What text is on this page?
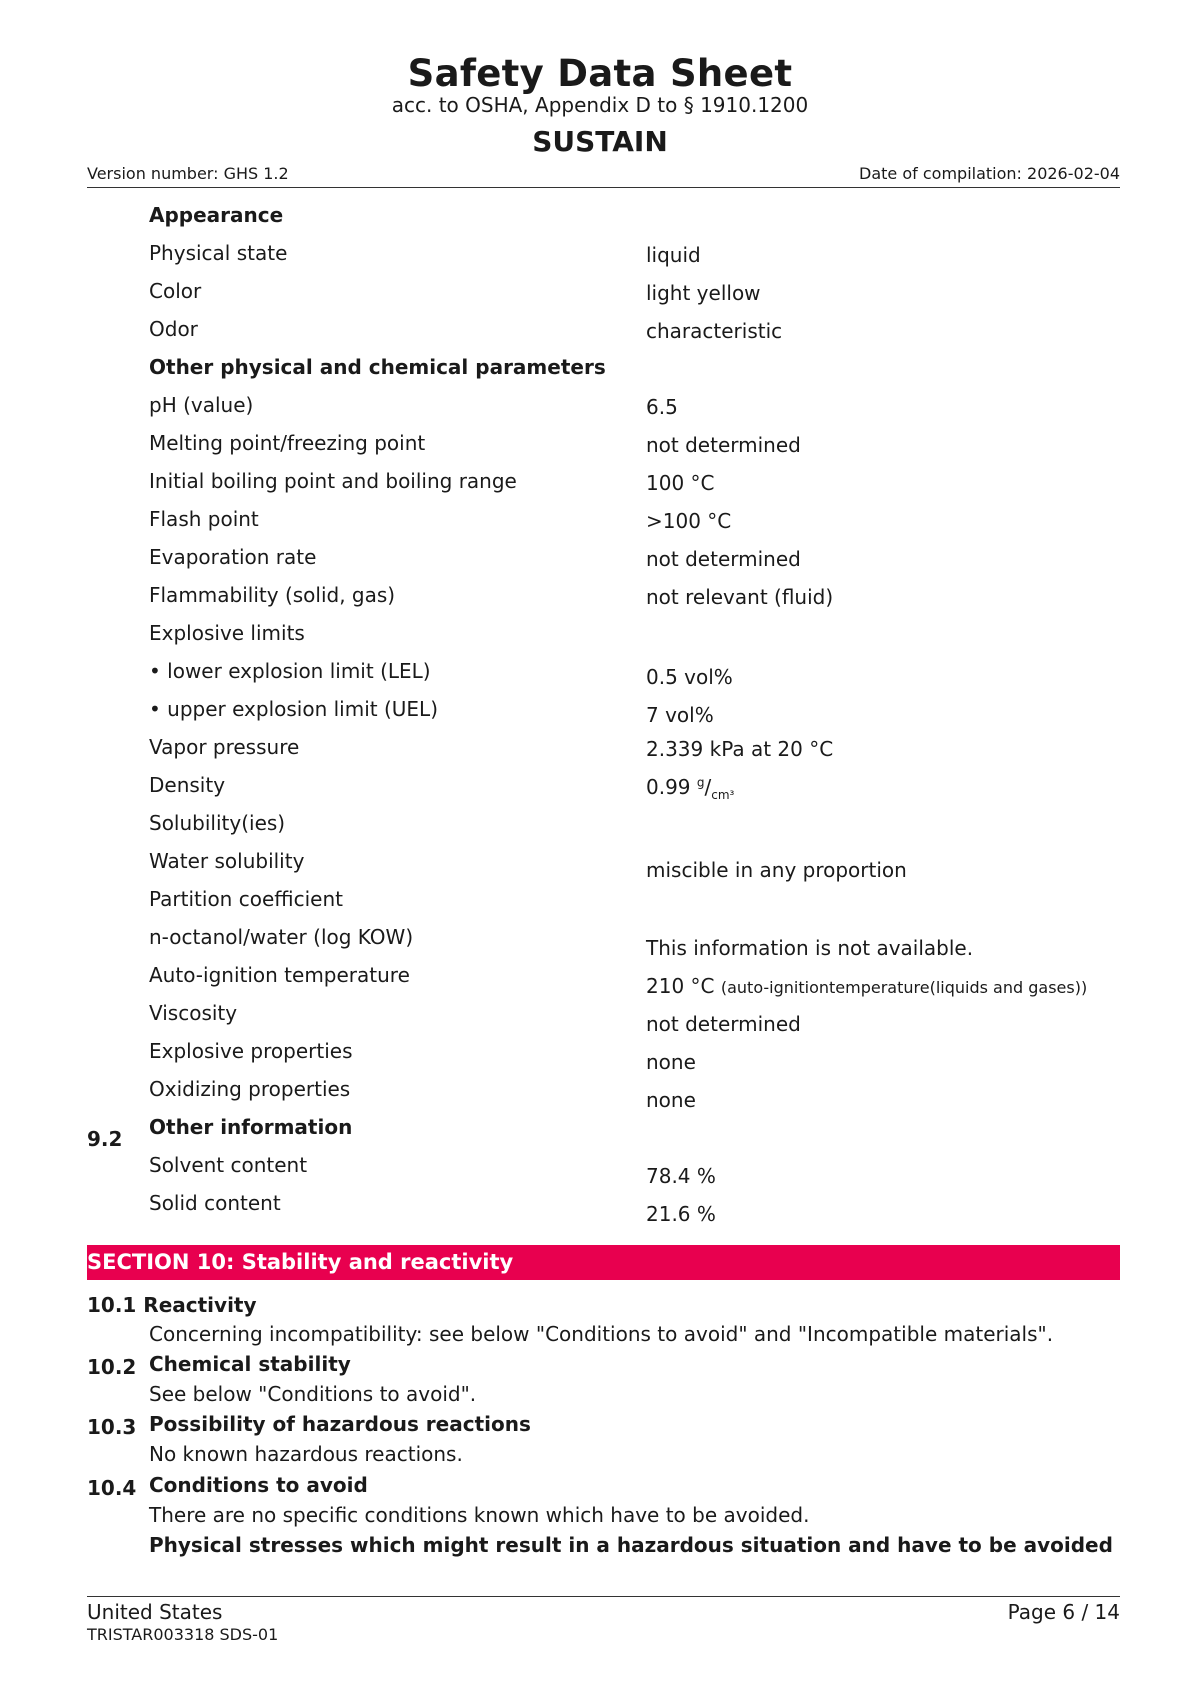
Safety Data Sheet
acc. to OSHA, Appendix D to § 1910.1200
SUSTAIN
Version number: GHS 1.2	Date of compilation: 2026-02-04
Appearance
Physical state	liquid
Color	light yellow
Odor	characteristic
Other physical and chemical parameters
pH (value)	6.5
Melting point/freezing point	not determined
Initial boiling point and boiling range	100 °C
Flash point	>100 °C
Evaporation rate	not determined
Flammability (solid, gas)	not relevant (fluid)
Explosive limits
• lower explosion limit (LEL)	0.5 vol%
• upper explosion limit (UEL)	7 vol%
Vapor pressure	2.339 kPa at 20 °C
Density	0.99 $^g/_{cm^3}$
Solubility(ies)
Water solubility	miscible in any proportion
Partition coefficient
n-octanol/water (log KOW)	This information is not available.
Auto-ignition temperature	210 °C (auto-ignitiontemperature(liquids and gases))
Viscosity	not determined
Explosive properties	none
Oxidizing properties	none
9.2 Other information
Solvent content	78.4 %
Solid content	21.6 %
SECTION 10: Stability and reactivity
10.1 Reactivity
Concerning incompatibility: see below "Conditions to avoid" and "Incompatible materials".
10.2 Chemical stability
See below "Conditions to avoid".
10.3 Possibility of hazardous reactions
No known hazardous reactions.
10.4 Conditions to avoid
There are no specific conditions known which have to be avoided.
Physical stresses which might result in a hazardous situation and have to be avoided
United States
TRISTAR003318 SDS-01
Page 6 / 14
